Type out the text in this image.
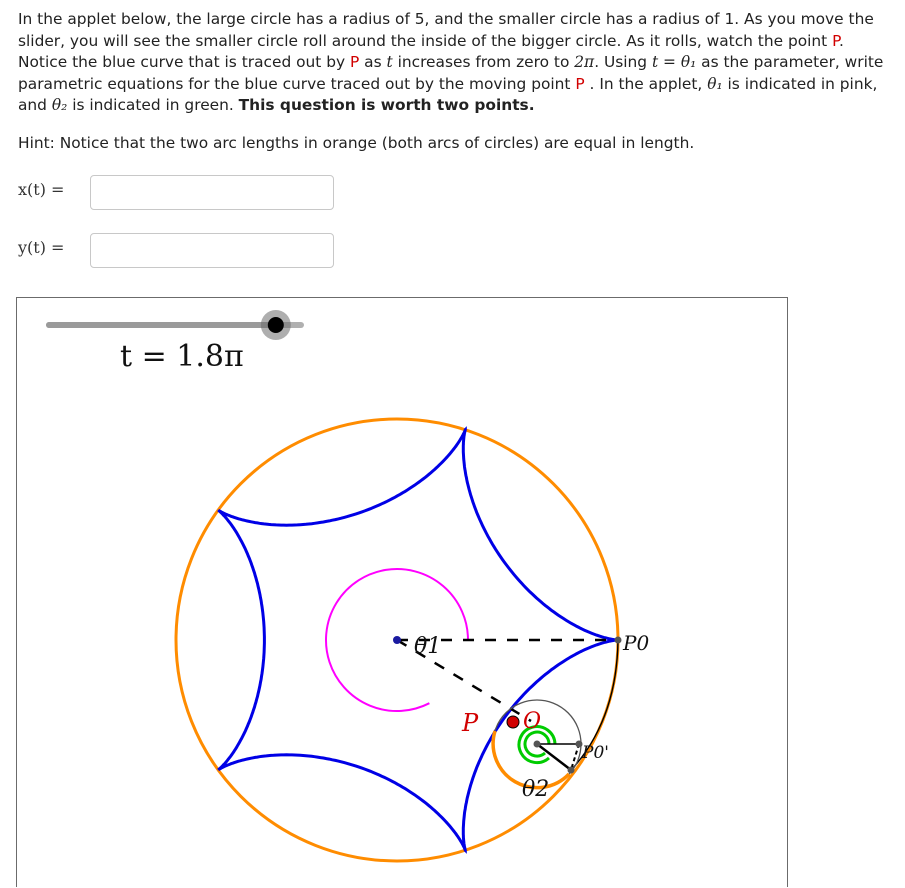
In the applet below, the large circle has a radius of 5, and the smaller circle has a radius of 1. As you move the slider, you will see the smaller circle roll around the inside of the bigger circle. As it rolls, watch the point P. Notice the blue curve that is traced out by P as t increases from zero to 2π. Using t = θ₁ as the parameter, write parametric equations for the blue curve traced out by the moving point P . In the applet, θ₁ is indicated in pink, and θ₂ is indicated in green. This question is worth two points.

Hint: Notice that the two arc lengths in orange (both arcs of circles) are equal in length.

x(t) =
y(t) =
t = 1.8π
θ1
P O
P0
P0'
θ2
